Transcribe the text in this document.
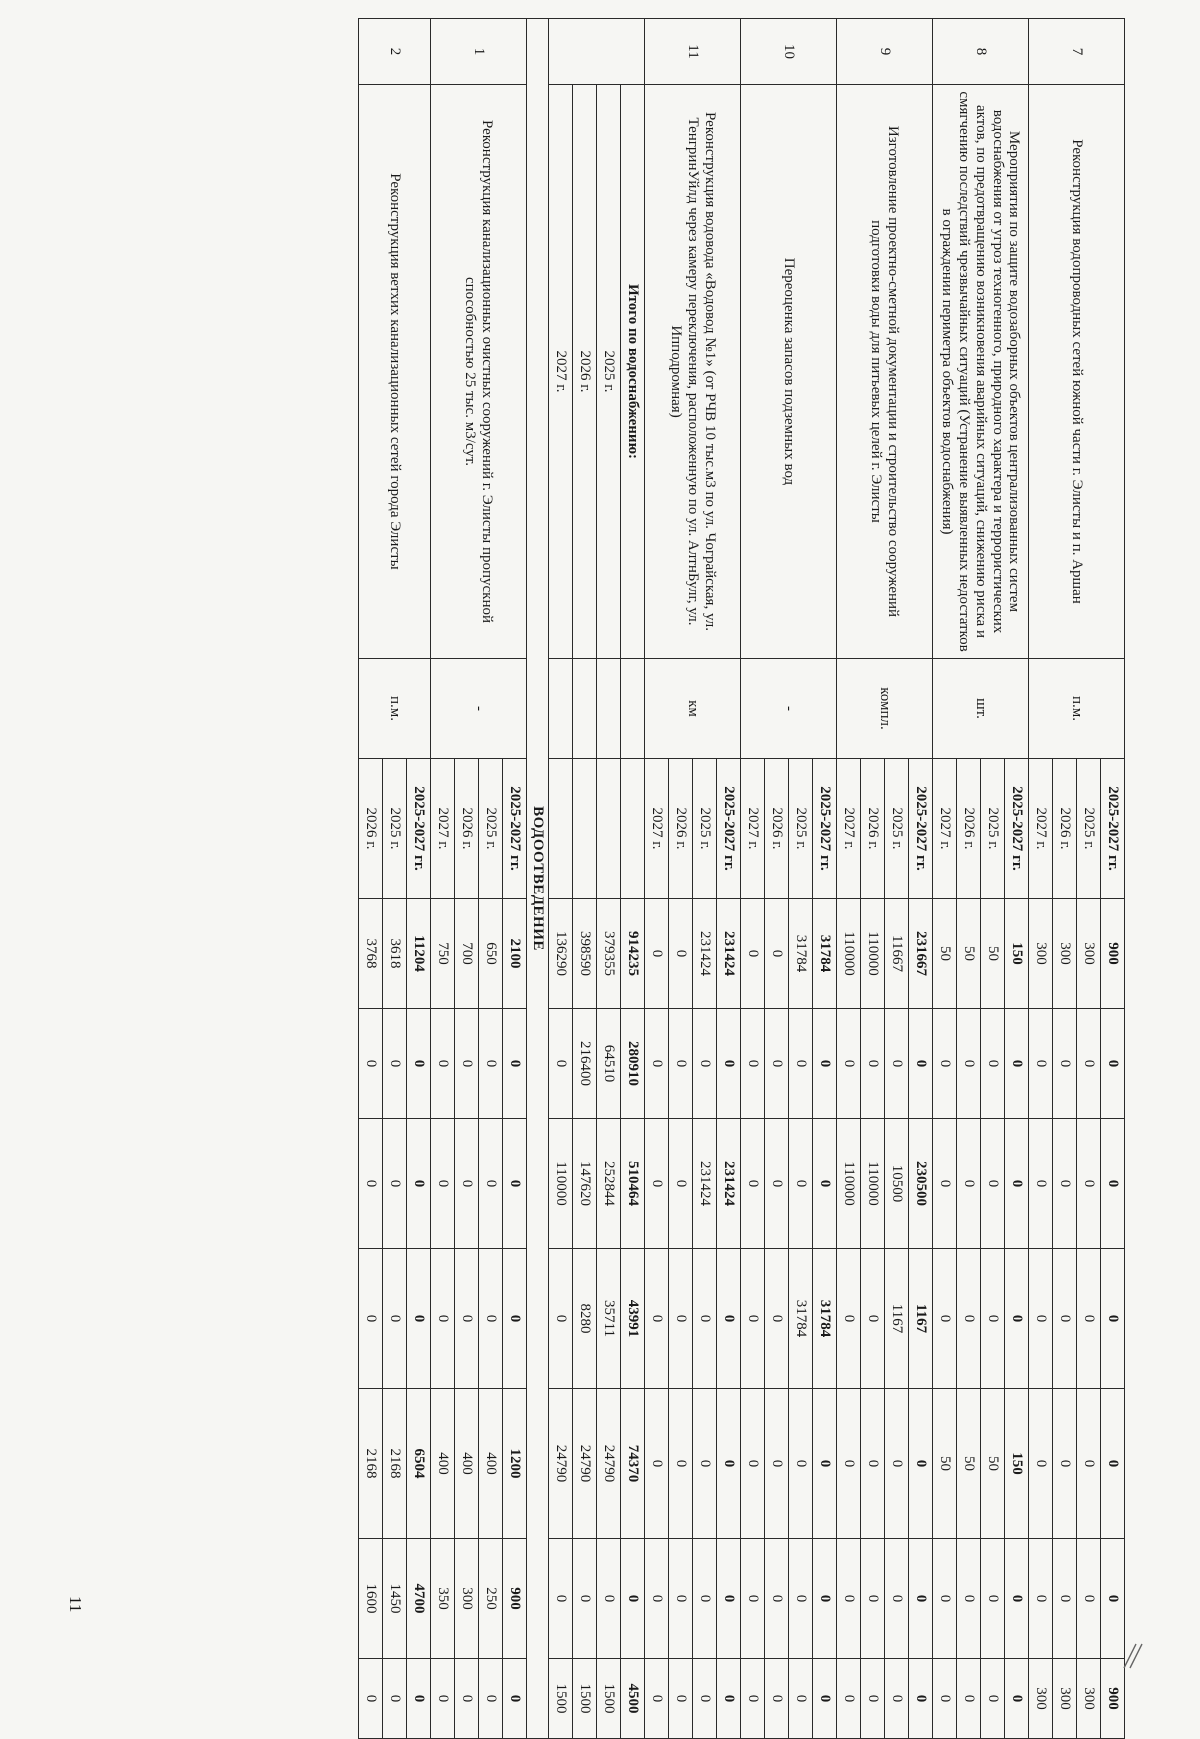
7	Реконструкция водопроводных сетей южной части г. Элисты и п. Аршан	п.м.	2025-2027 гг.	900	0	0	0	0	0	900
			2025 г.	300	0	0	0	0	0	300
			2026 г.	300	0	0	0	0	0	300
			2027 г.	300	0	0	0	0	0	300
8	Мероприятия по защите водозаборных объектов централизованных систем водоснабжения от угроз техногенного, природного характера и террористических актов, по предотвращению возникновения аварийных ситуаций, снижению риска и смягчению последствий чрезвычайных ситуаций (Устранение выявленных недостатков в ограждении периметра объектов водоснабжения)	шт.	2025-2027 гг.	150	0	0	0	150	0	0
			2025 г.	50	0	0	0	50	0	0
			2026 г.	50	0	0	0	50	0	0
			2027 г.	50	0	0	0	50	0	0
9	Изготовление проектно-сметной документации и строительство сооружений подготовки воды для питьевых целей г. Элисты	компл.	2025-2027 гг.	231667	0	230500	1167	0	0	0
			2025 г.	11667	0	10500	1167	0	0	0
			2026 г.	110000	0	110000	0	0	0	0
			2027 г.	110000	0	110000	0	0	0	0
10	Переоценка запасов подземных вод	-	2025-2027 гг.	31784	0	0	31784	0	0	0
			2025 г.	31784	0	0	31784	0	0	0
			2026 г.	0	0	0	0	0	0	0
			2027 г.	0	0	0	0	0	0	0
11	Реконструкция водовода «Водовод №1» (от РЧВ 10 тыс.м3 по ул. Чограйская, ул. ТенгринУйлд через камеру переключения, расположенную по ул. АлтнБулг, ул. Ипподромная)	км	2025-2027 гг.	231424	0	231424	0	0	0	0
			2025 г.	231424	0	231424	0	0	0	0
			2026 г.	0	0	0	0	0	0	0
			2027 г.	0	0	0	0	0	0	0
	Итого по водоснабжению:			914235	280910	510464	43991	74370	0	4500
	2025 г.			379355	64510	252844	35711	24790	0	1500
	2026 г.			398590	216400	147620	8280	24790	0	1500
	2027 г.			136290	0	110000	0	24790	0	1500
ВОДООТВЕДЕНИЕ										
1	Реконструкция канализационных очистных сооружений г. Элисты пропускной способностью 25 тыс. м3/сут.	-	2025-2027 гг.	2100	0	0	0	1200	900	0
			2025 г.	650	0	0	0	400	250	0
			2026 г.	700	0	0	0	400	300	0
			2027 г.	750	0	0	0	400	350	0
2	Реконструкция ветхих канализационных сетей города Элисты	п.м.	2025-2027 гг.	11204	0	0	0	6504	4700	0
			2025 г.	3618	0	0	0	2168	1450	0
			2026 г.	3768	0	0	0	2168	1600	0
11
